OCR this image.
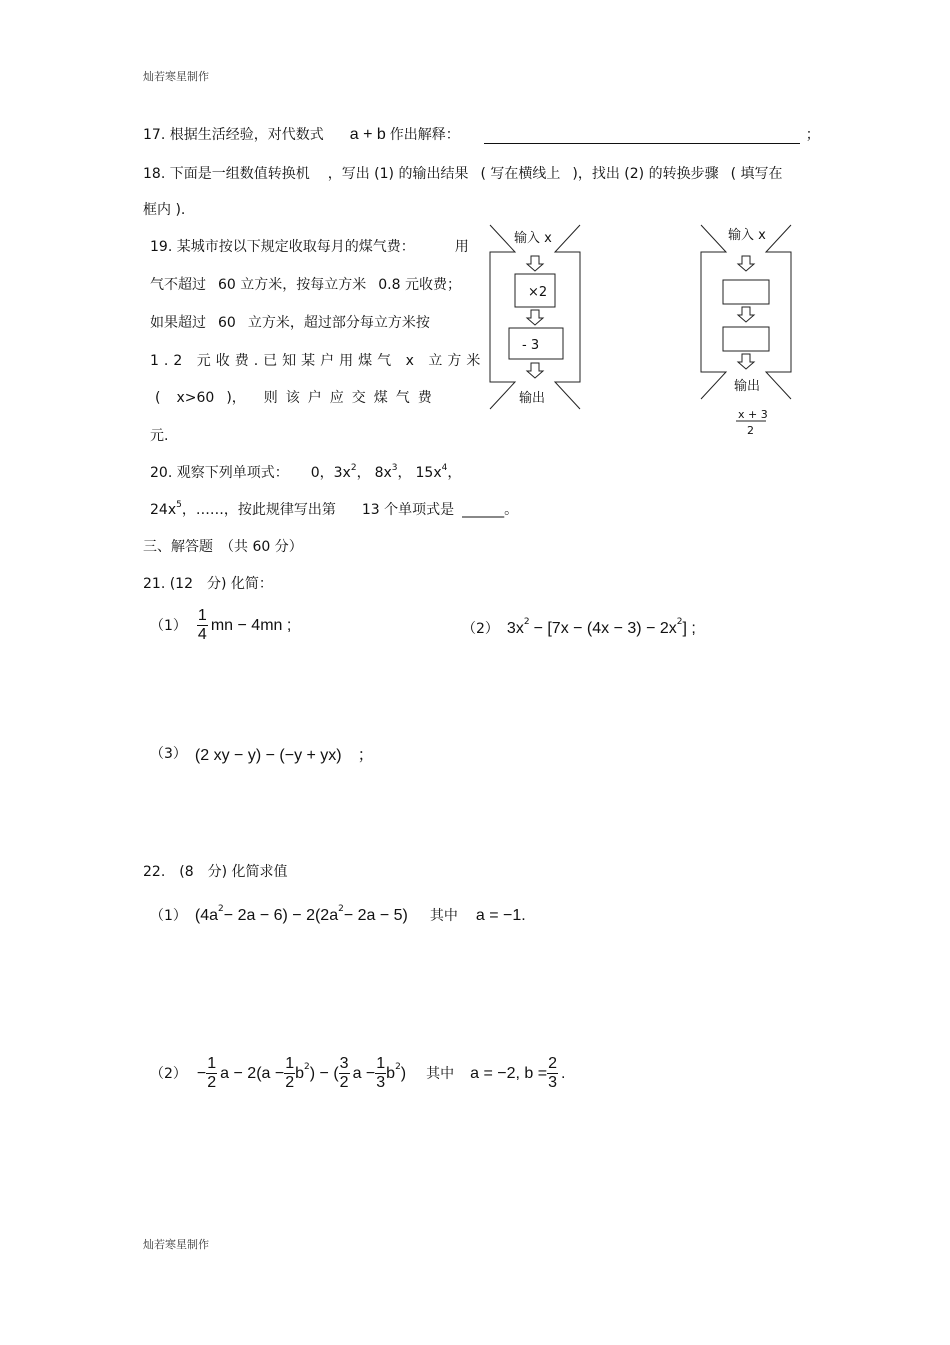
灿若寒星制作
17. 根据生活经验，对代数式 a + b 作出解释：	；
18. 下面是一组数值转换机 ，写出 (1) 的输出结果 ( 写在横线上 )，找出 (2) 的转换步骤 ( 填写在
框内 ).
19. 某城市按以下规定收取每月的煤气费：	用
气不超过 60 立方米，按每立方米 0.8 元收费；
如果超过 60 立方米，超过部分每立方米按
1.2 元收费.已知某户用煤气 x 立方米
( x>60 )， 则该户应交煤气费
元.
输入 x
×2
- 3
输出
输入 x
输出
x + 3
2
20. 观察下列单项式： 0，$3x^2$， $8x^3$， $15x^4$，
$24x^5$，……，按此规律写出第 13 个单项式是 ______。
三、解答题　（共 60 分）
21. (12　分) 化简：
$(1) \frac{1}{4}$ mn − 4mn ;	（2） 3x 2 − [7x − (4x − 3) − 2x 2 ] ;
（3） (2 xy − y) − (−y + yx)　；
22.　(8　分) 化简求值
（1） (4a 2 − 2a − 6) − 2(2a 2 − 2a − 5) 其中 a = −1.
$(2) - \frac{1}{2}$ $a - 2(a - \frac{1}{2}$ b 2 ) − ( $\frac{3}{2}$ $a - \frac{1}{3}$ b 2 ) 其中 a = −2, $b = \frac{2}{3}$ .
灿若寒星制作
